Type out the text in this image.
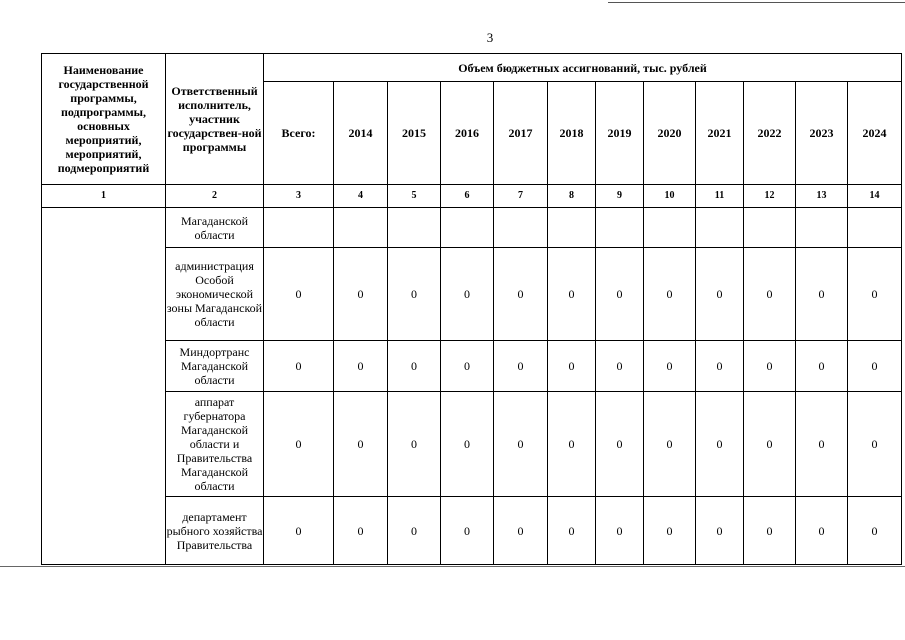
3
Наименование государственной программы, подпрограммы, основных мероприятий, мероприятий, подмероприятий	Ответственный исполнитель, участник государствен-ной программы	Объем бюджетных ассигнований, тыс. рублей											
		Всего:	2014	2015	2016	2017	2018	2019	2020	2021	2022	2023	2024
1	2	3	4	5	6	7	8	9	10	11	12	13	14
	Магаданской области												
	администрация Особой экономической зоны Магаданской области	0	0	0	0	0	0	0	0	0	0	0	0
	Миндортранс Магаданской области	0	0	0	0	0	0	0	0	0	0	0	0
	аппарат губернатора Магаданской области и Правительства Магаданской области	0	0	0	0	0	0	0	0	0	0	0	0
	департамент рыбного хозяйства Правительства	0	0	0	0	0	0	0	0	0	0	0	0
